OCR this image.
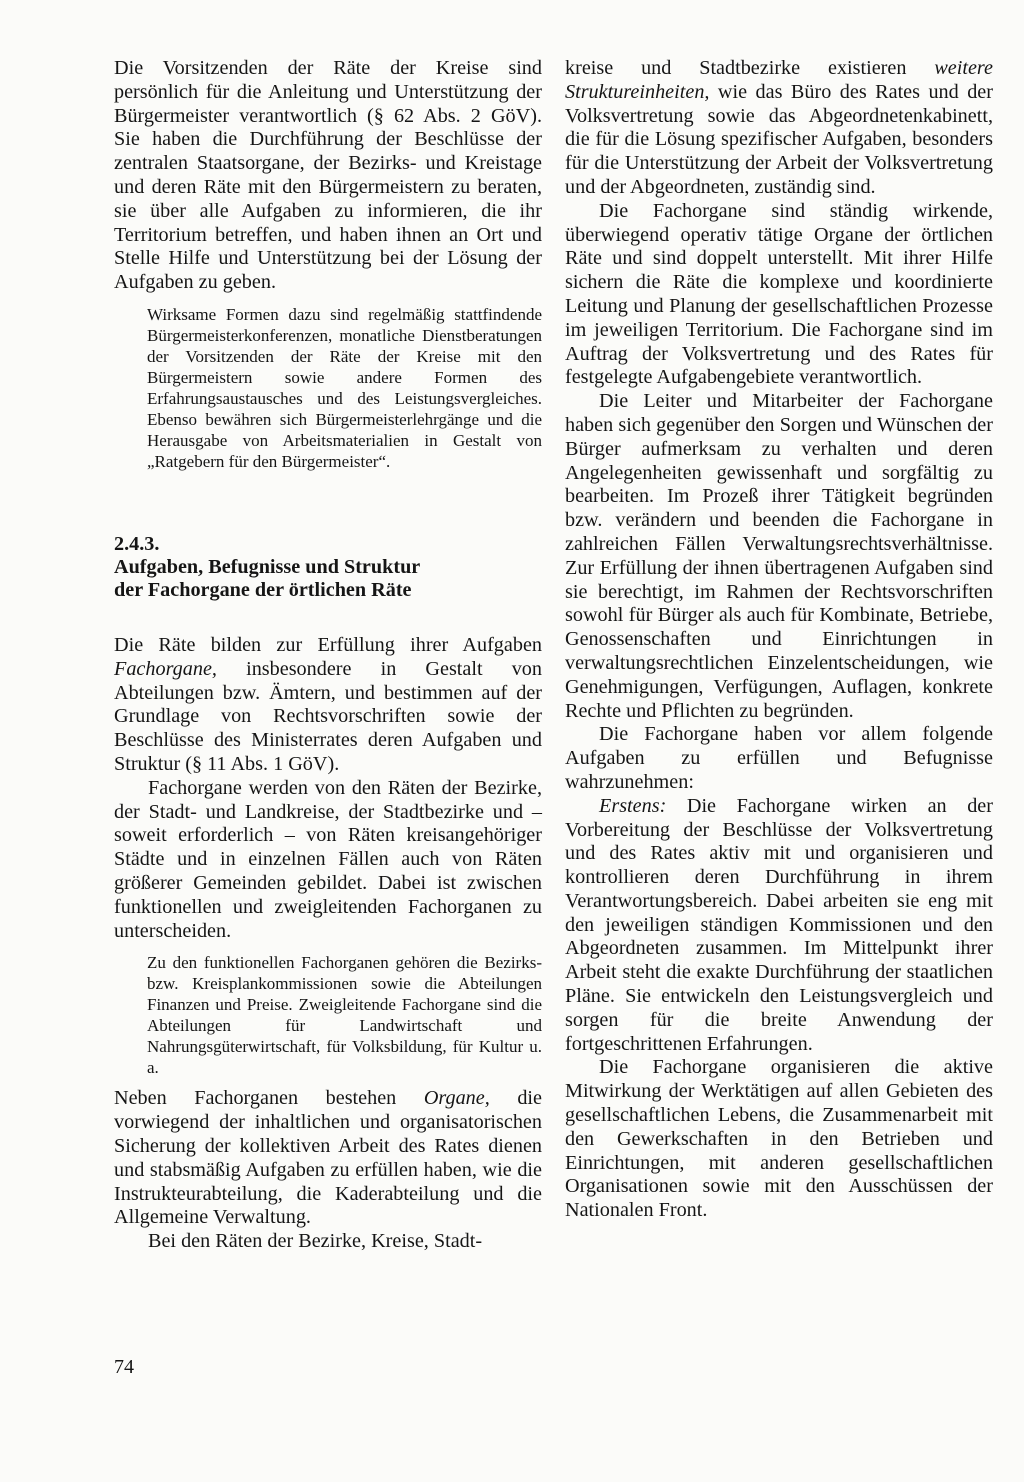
Die Vorsitzenden der Räte der Kreise sind persönlich für die Anleitung und Unterstützung der Bürgermeister verantwortlich (§ 62 Abs. 2 GöV). Sie haben die Durchführung der Beschlüsse der zentralen Staatsorgane, der Bezirks- und Kreistage und deren Räte mit den Bürgermeistern zu beraten, sie über alle Aufgaben zu informieren, die ihr Territorium betreffen, und haben ihnen an Ort und Stelle Hilfe und Unterstützung bei der Lösung der Aufgaben zu geben.

Wirksame Formen dazu sind regelmäßig stattfindende Bürgermeisterkonferenzen, monatliche Dienstberatungen der Vorsitzenden der Räte der Kreise mit den Bürgermeistern sowie andere Formen des Erfahrungsaustausches und des Leistungsvergleiches. Ebenso bewähren sich Bürgermeisterlehrgänge und die Herausgabe von Arbeitsmaterialien in Gestalt von „Ratgebern für den Bürgermeister“.

2.4.3.
Aufgaben, Befugnisse und Struktur
der Fachorgane der örtlichen Räte

Die Räte bilden zur Erfüllung ihrer Aufgaben Fachorgane, insbesondere in Gestalt von Abteilungen bzw. Ämtern, und bestimmen auf der Grundlage von Rechtsvorschriften sowie der Beschlüsse des Ministerrates deren Aufgaben und Struktur (§ 11 Abs. 1 GöV).

Fachorgane werden von den Räten der Bezirke, der Stadt- und Landkreise, der Stadtbezirke und – soweit erforderlich – von Räten kreisangehöriger Städte und in einzelnen Fällen auch von Räten größerer Gemeinden gebildet. Dabei ist zwischen funktionellen und zweigleitenden Fachorganen zu unterscheiden.

Zu den funktionellen Fachorganen gehören die Bezirks- bzw. Kreisplankommissionen sowie die Abteilungen Finanzen und Preise. Zweigleitende Fachorgane sind die Abteilungen für Landwirtschaft und Nahrungsgüterwirtschaft, für Volksbildung, für Kultur u. a.

Neben Fachorganen bestehen Organe, die vorwiegend der inhaltlichen und organisatorischen Sicherung der kollektiven Arbeit des Rates dienen und stabsmäßig Aufgaben zu erfüllen haben, wie die Instrukteurabteilung, die Kaderabteilung und die Allgemeine Verwaltung.

Bei den Räten der Bezirke, Kreise, Stadt-

kreise und Stadtbezirke existieren weitere Struktureinheiten, wie das Büro des Rates und der Volksvertretung sowie das Abgeordnetenkabinett, die für die Lösung spezifischer Aufgaben, besonders für die Unterstützung der Arbeit der Volksvertretung und der Abgeordneten, zuständig sind.

Die Fachorgane sind ständig wirkende, überwiegend operativ tätige Organe der örtlichen Räte und sind doppelt unterstellt. Mit ihrer Hilfe sichern die Räte die komplexe und koordinierte Leitung und Planung der gesellschaftlichen Prozesse im jeweiligen Territorium. Die Fachorgane sind im Auftrag der Volksvertretung und des Rates für festgelegte Aufgabengebiete verantwortlich.

Die Leiter und Mitarbeiter der Fachorgane haben sich gegenüber den Sorgen und Wünschen der Bürger aufmerksam zu verhalten und deren Angelegenheiten gewissenhaft und sorgfältig zu bearbeiten. Im Prozeß ihrer Tätigkeit begründen bzw. verändern und beenden die Fachorgane in zahlreichen Fällen Verwaltungsrechtsverhältnisse. Zur Erfüllung der ihnen übertragenen Aufgaben sind sie berechtigt, im Rahmen der Rechtsvorschriften sowohl für Bürger als auch für Kombinate, Betriebe, Genossenschaften und Einrichtungen in verwaltungsrechtlichen Einzelentscheidungen, wie Genehmigungen, Verfügungen, Auflagen, konkrete Rechte und Pflichten zu begründen.

Die Fachorgane haben vor allem folgende Aufgaben zu erfüllen und Befugnisse wahrzunehmen:

Erstens: Die Fachorgane wirken an der Vorbereitung der Beschlüsse der Volksvertretung und des Rates aktiv mit und organisieren und kontrollieren deren Durchführung in ihrem Verantwortungsbereich. Dabei arbeiten sie eng mit den jeweiligen ständigen Kommissionen und den Abgeordneten zusammen. Im Mittelpunkt ihrer Arbeit steht die exakte Durchführung der staatlichen Pläne. Sie entwickeln den Leistungsvergleich und sorgen für die breite Anwendung der fortgeschrittenen Erfahrungen.

Die Fachorgane organisieren die aktive Mitwirkung der Werktätigen auf allen Gebieten des gesellschaftlichen Lebens, die Zusammenarbeit mit den Gewerkschaften in den Betrieben und Einrichtungen, mit anderen gesellschaftlichen Organisationen sowie mit den Ausschüssen der Nationalen Front.

74
